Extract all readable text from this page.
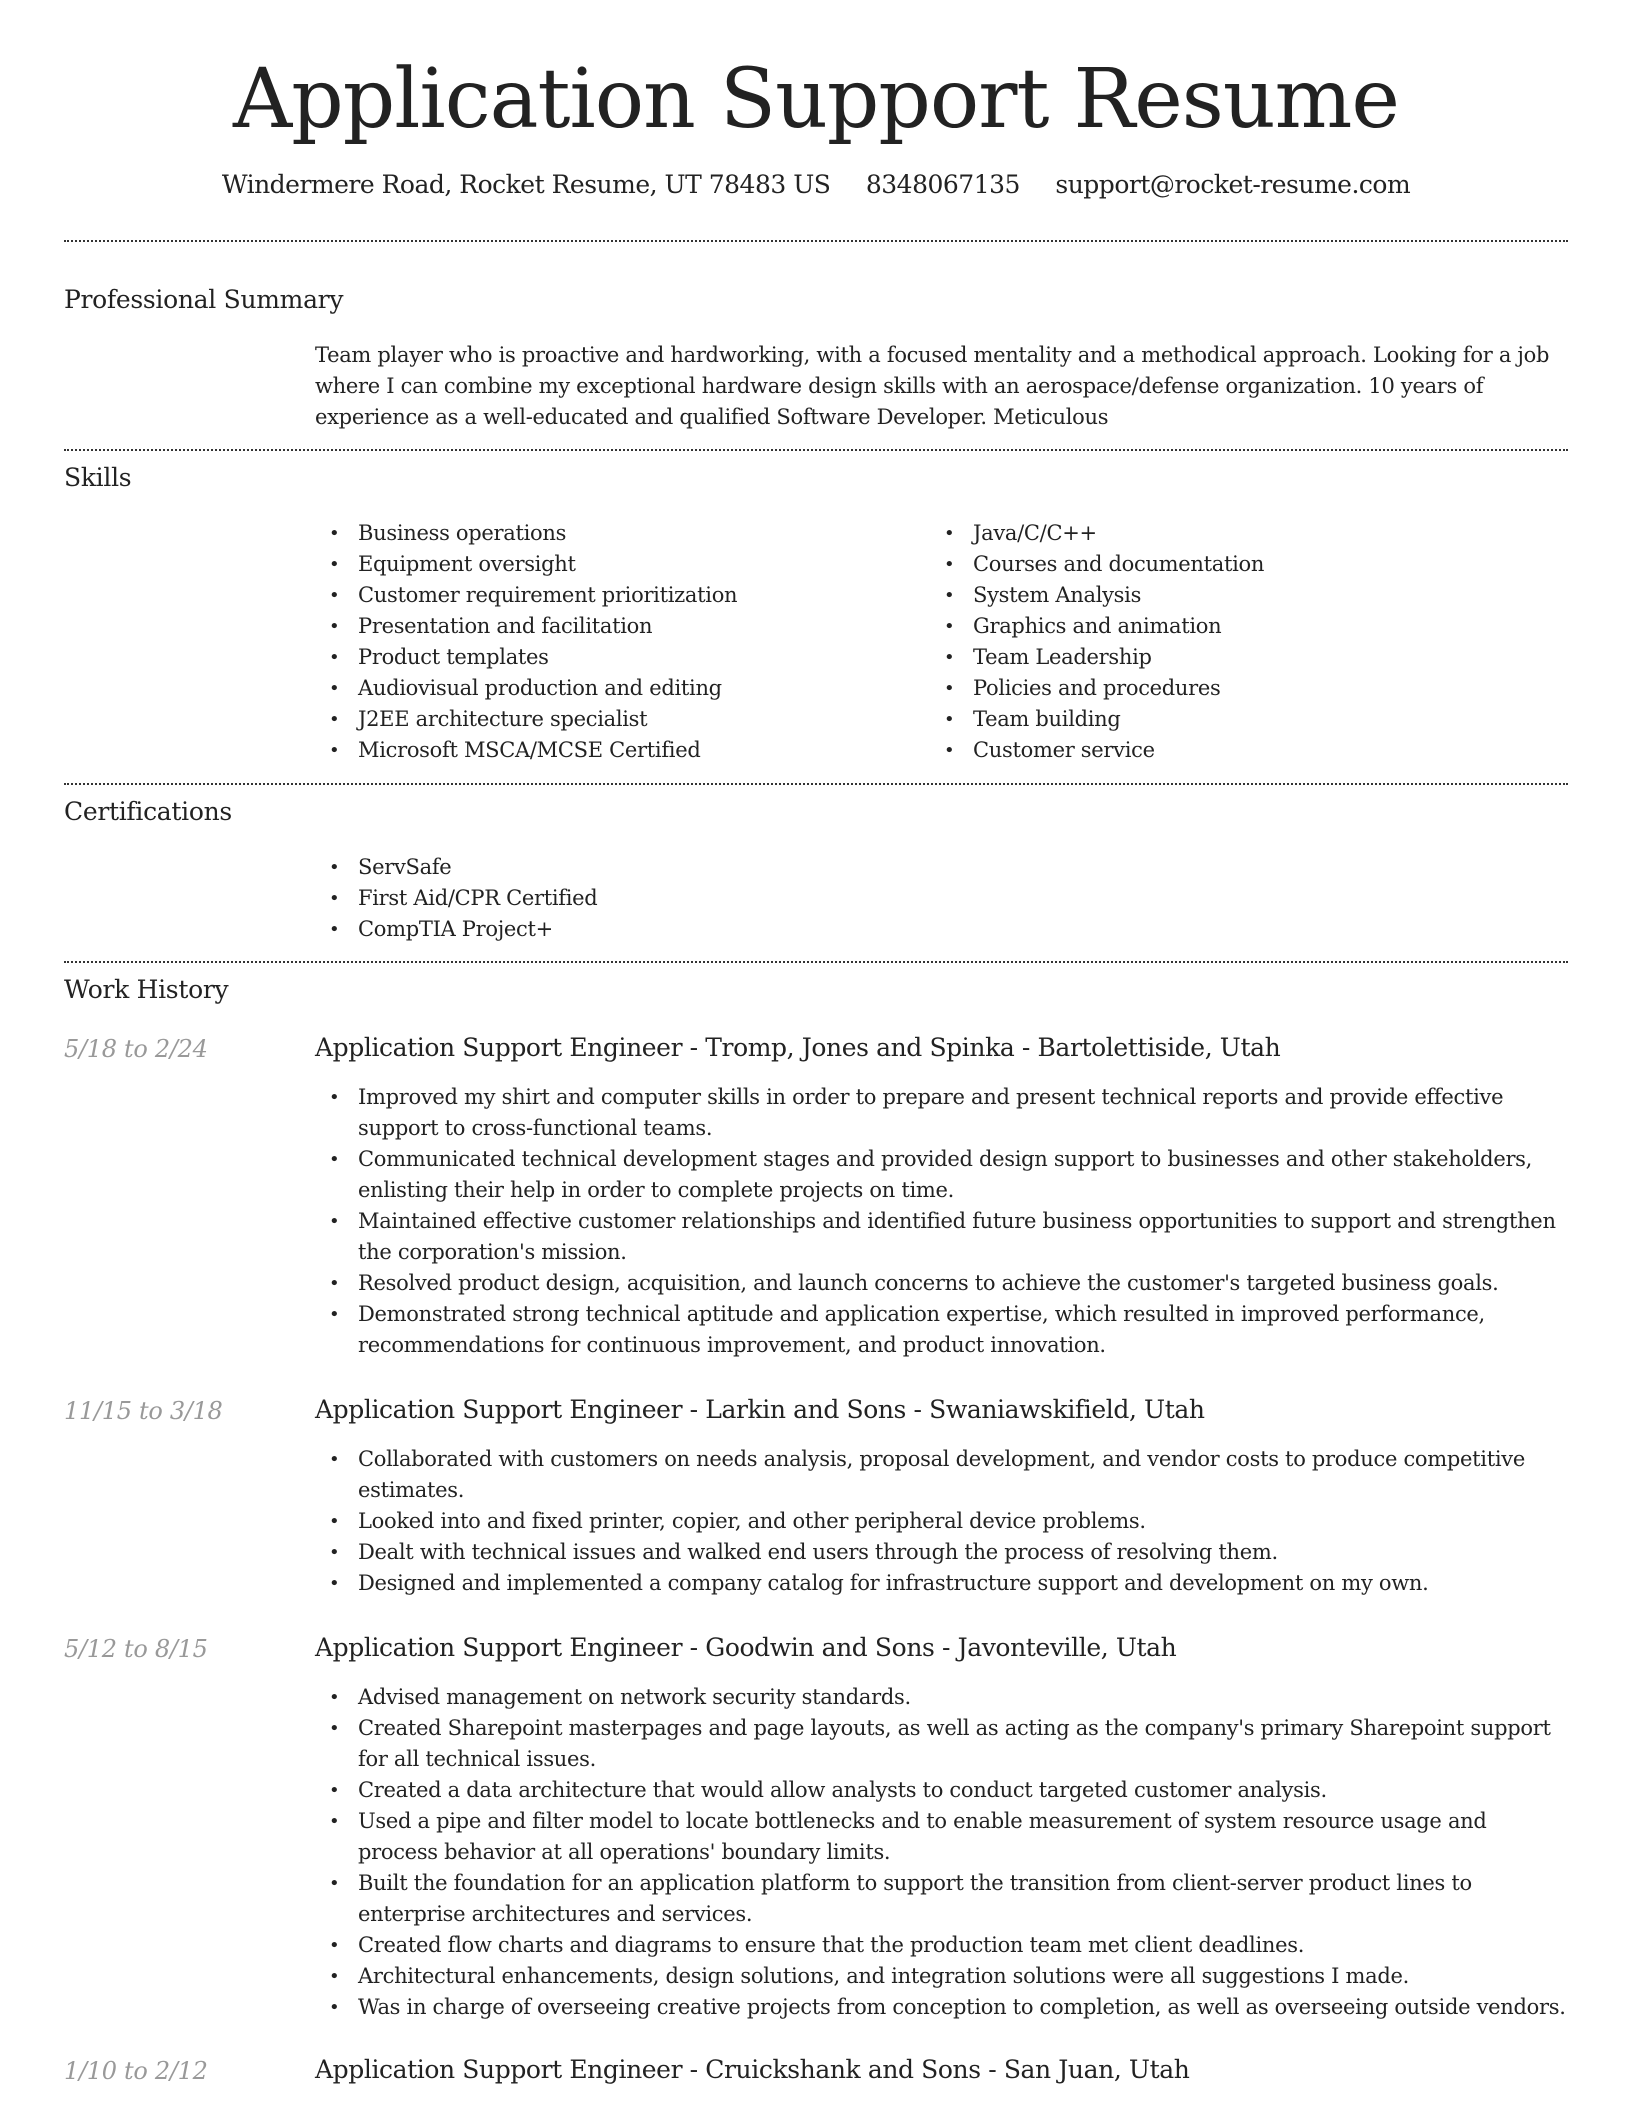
Application Support Resume
Windermere Road, Rocket Resume, UT 78483 US 8348067135 support@rocket-resume.com
Professional Summary
Team player who is proactive and hardworking, with a focused mentality and a methodical approach. Looking for a job where I can combine my exceptional hardware design skills with an aerospace/defense organization. 10 years of experience as a well-educated and qualified Software Developer. Meticulous
Skills
• Business operations
• Equipment oversight
• Customer requirement prioritization
• Presentation and facilitation
• Product templates
• Audiovisual production and editing
• J2EE architecture specialist
• Microsoft MSCA/MCSE Certified
• Java/C/C++
• Courses and documentation
• System Analysis
• Graphics and animation
• Team Leadership
• Policies and procedures
• Team building
• Customer service
Certifications
• ServSafe
• First Aid/CPR Certified
• CompTIA Project+
Work History
5/18 to 2/24	Application Support Engineer - Tromp, Jones and Spinka - Bartolettiside, Utah
• Improved my shirt and computer skills in order to prepare and present technical reports and provide effective support to cross-functional teams.
• Communicated technical development stages and provided design support to businesses and other stakeholders, enlisting their help in order to complete projects on time.
• Maintained effective customer relationships and identified future business opportunities to support and strengthen the corporation's mission.
• Resolved product design, acquisition, and launch concerns to achieve the customer's targeted business goals.
• Demonstrated strong technical aptitude and application expertise, which resulted in improved performance, recommendations for continuous improvement, and product innovation.
11/15 to 3/18	Application Support Engineer - Larkin and Sons - Swaniawskifield, Utah
• Collaborated with customers on needs analysis, proposal development, and vendor costs to produce competitive estimates.
• Looked into and fixed printer, copier, and other peripheral device problems.
• Dealt with technical issues and walked end users through the process of resolving them.
• Designed and implemented a company catalog for infrastructure support and development on my own.
5/12 to 8/15	Application Support Engineer - Goodwin and Sons - Javonteville, Utah
• Advised management on network security standards.
• Created Sharepoint masterpages and page layouts, as well as acting as the company's primary Sharepoint support for all technical issues.
• Created a data architecture that would allow analysts to conduct targeted customer analysis.
• Used a pipe and filter model to locate bottlenecks and to enable measurement of system resource usage and process behavior at all operations' boundary limits.
• Built the foundation for an application platform to support the transition from client-server product lines to enterprise architectures and services.
• Created flow charts and diagrams to ensure that the production team met client deadlines.
• Architectural enhancements, design solutions, and integration solutions were all suggestions I made.
• Was in charge of overseeing creative projects from conception to completion, as well as overseeing outside vendors.
1/10 to 2/12	Application Support Engineer - Cruickshank and Sons - San Juan, Utah
